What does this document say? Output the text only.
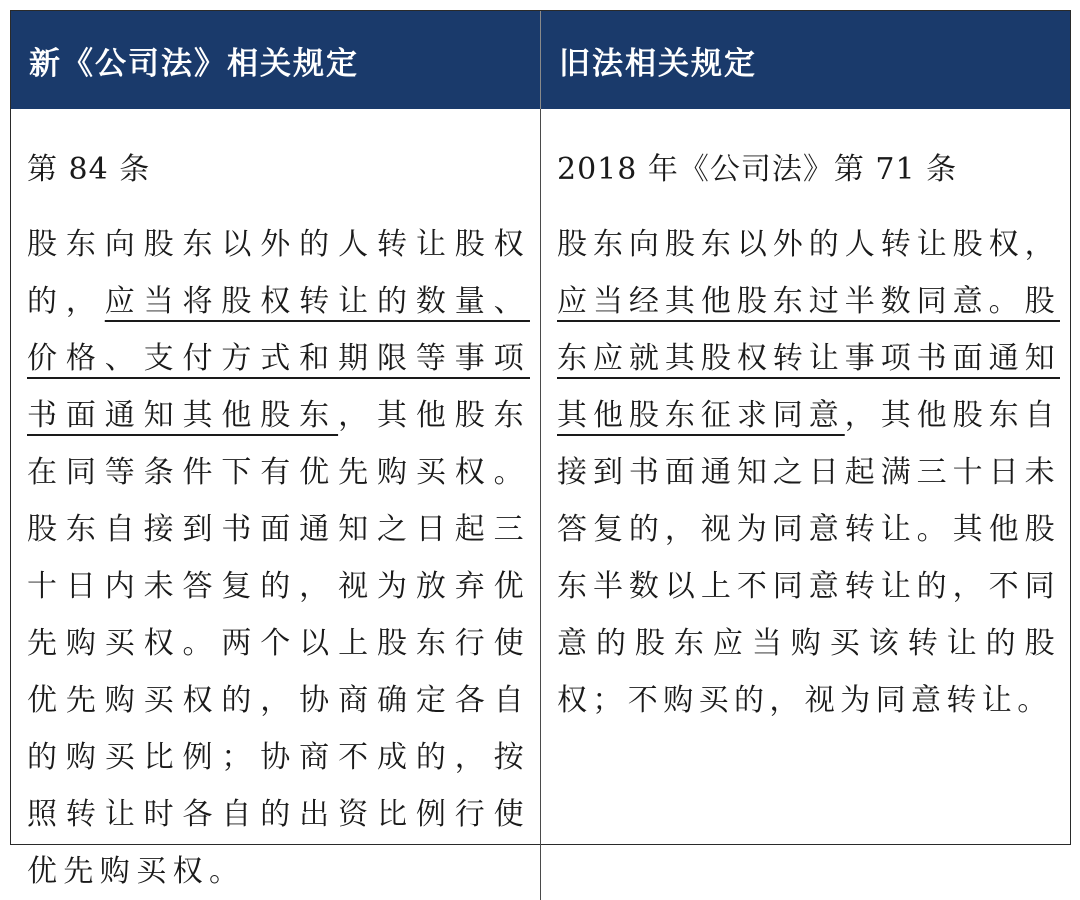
新《公司法》相关规定	旧法相关规定
第 84 条

股东向股东以外的人转让股权的，应当将股权转让的数量、价格、支付方式和期限等事项书面通知其他股东，其他股东在同等条件下有优先购买权。股东自接到书面通知之日起三十日内未答复的，视为放弃优先购买权。两个以上股东行使优先购买权的，协商确定各自的购买比例；协商不成的，按照转让时各自的出资比例行使优先购买权。

2018 年《公司法》第 71 条

股东向股东以外的人转让股权，应当经其他股东过半数同意。股东应就其股权转让事项书面通知其他股东征求同意，其他股东自接到书面通知之日起满三十日未答复的，视为同意转让。其他股东半数以上不同意转让的，不同意的股东应当购买该转让的股权；不购买的，视为同意转让。
